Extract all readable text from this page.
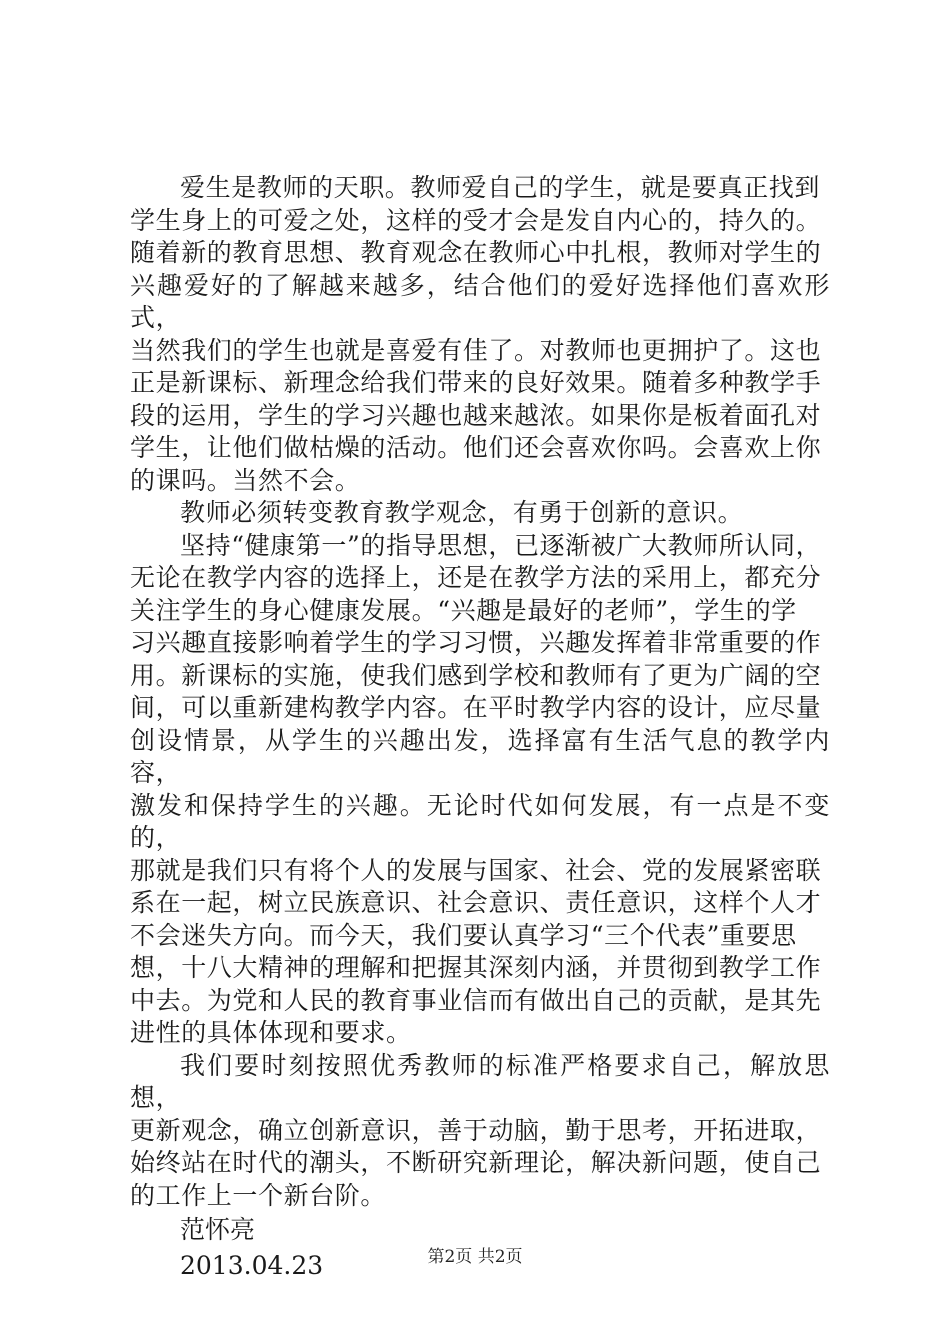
爱生是教师的天职。教师爱自己的学生，就是要真正找到
学生身上的可爱之处，这样的受才会是发自内心的，持久的。
随着新的教育思想、教育观念在教师心中扎根，教师对学生的
兴趣爱好的了解越来越多，结合他们的爱好选择他们喜欢形式，
当然我们的学生也就是喜爱有佳了。对教师也更拥护了。这也
正是新课标、新理念给我们带来的良好效果。随着多种教学手
段的运用，学生的学习兴趣也越来越浓。如果你是板着面孔对
学生，让他们做枯燥的活动。他们还会喜欢你吗。会喜欢上你
的课吗。当然不会。

教师必须转变教育教学观念，有勇于创新的意识。

坚持“健康第一”的指导思想，已逐渐被广大教师所认同，
无论在教学内容的选择上，还是在教学方法的采用上，都充分
关注学生的身心健康发展。“兴趣是最好的老师”，学生的学
习兴趣直接影响着学生的学习习惯，兴趣发挥着非常重要的作
用。新课标的实施，使我们感到学校和教师有了更为广阔的空
间，可以重新建构教学内容。在平时教学内容的设计，应尽量
创设情景，从学生的兴趣出发，选择富有生活气息的教学内容，
激发和保持学生的兴趣。无论时代如何发展，有一点是不变的，
那就是我们只有将个人的发展与国家、社会、党的发展紧密联
系在一起，树立民族意识、社会意识、责任意识，这样个人才
不会迷失方向。而今天，我们要认真学习“三个代表”重要思
想，十八大精神的理解和把握其深刻内涵，并贯彻到教学工作
中去。为党和人民的教育事业信而有做出自己的贡献，是其先
进性的具体体现和要求。

我们要时刻按照优秀教师的标准严格要求自己，解放思想，
更新观念，确立创新意识，善于动脑，勤于思考，开拓进取，
始终站在时代的潮头，不断研究新理论，解决新问题，使自己
的工作上一个新台阶。

范怀亮

2013.04.23	第2页 共2页
